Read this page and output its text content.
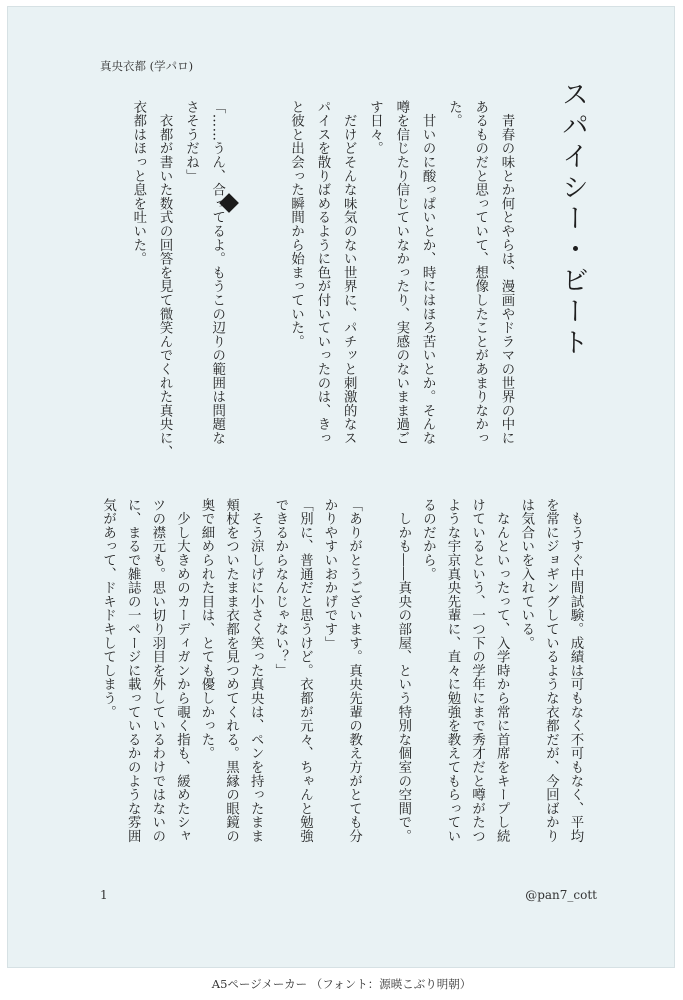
真央衣都 (学パロ)
スパイシー・ビート
　青春の味とか何とやらは、漫画やドラマの世界の中に
あるものだと思っていて、想像したことがあまりなかっ
た。
　甘いのに酸っぱいとか、時にはほろ苦いとか。そんな
噂を信じたり信じていなかったり、実感のないまま過ご
す日々。
　だけどそんな味気のない世界に、パチッと刺激的なス
パイスを散りばめるように色が付いていったのは、きっ
と彼と出会った瞬間から始まっていた。
「……うん、合ってるよ。もうこの辺りの範囲は問題な
さそうだね」
　衣都が書いた数式の回答を見て微笑んでくれた真央に、
衣都はほっと息を吐いた。
　もうすぐ中間試験。成績は可もなく不可もなく、平均
を常にジョギングしているような衣都だが、今回ばかり
は気合いを入れている。
　なんといったって、入学時から常に首席をキープし続
けているという、一つ下の学年にまで秀才だと噂がたつ
ような宇京真央先輩に、直々に勉強を教えてもらってい
るのだから。
　しかも――真央の部屋、という特別な個室の空間で。
「ありがとうございます。真央先輩の教え方がとても分
かりやすいおかげです」
「別に、普通だと思うけど。衣都が元々、ちゃんと勉強
できるからなんじゃない？」
　そう涼しげに小さく笑った真央は、ペンを持ったまま
頬杖をついたまま衣都を見つめてくれる。黒縁の眼鏡の
奥で細められた目は、とても優しかった。
　少し大きめのカーディガンから覗く指も、緩めたシャ
ツの襟元も。思い切り羽目を外しているわけではないの
に、まるで雑誌の一ページに載っているかのような雰囲
気があって、ドキドキしてしまう。
1	@pan7_cott
A5ページメーカー （フォント：源暎こぶり明朝）
